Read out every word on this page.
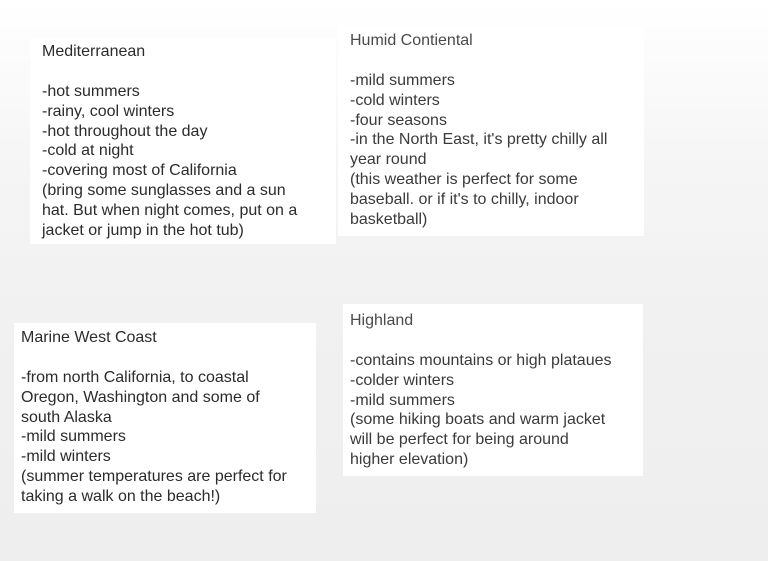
Mediterranean
-hot summers
-rainy, cool winters
-hot throughout the day
-cold at night
-covering most of California
(bring some sunglasses and a sun
hat. But when night comes, put on a
jacket or jump in the hot tub)
Humid Contiental
-mild summers
-cold winters
-four seasons
-in the North East, it's pretty chilly all
year round
(this weather is perfect for some
baseball. or if it's to chilly, indoor
basketball)
Marine West Coast
-from north California, to coastal
Oregon, Washington and some of
south Alaska
-mild summers
-mild winters
(summer temperatures are perfect for
taking a walk on the beach!)
Highland
-contains mountains or high plataues
-colder winters
-mild summers
(some hiking boats and warm jacket
will be perfect for being around
higher elevation)
